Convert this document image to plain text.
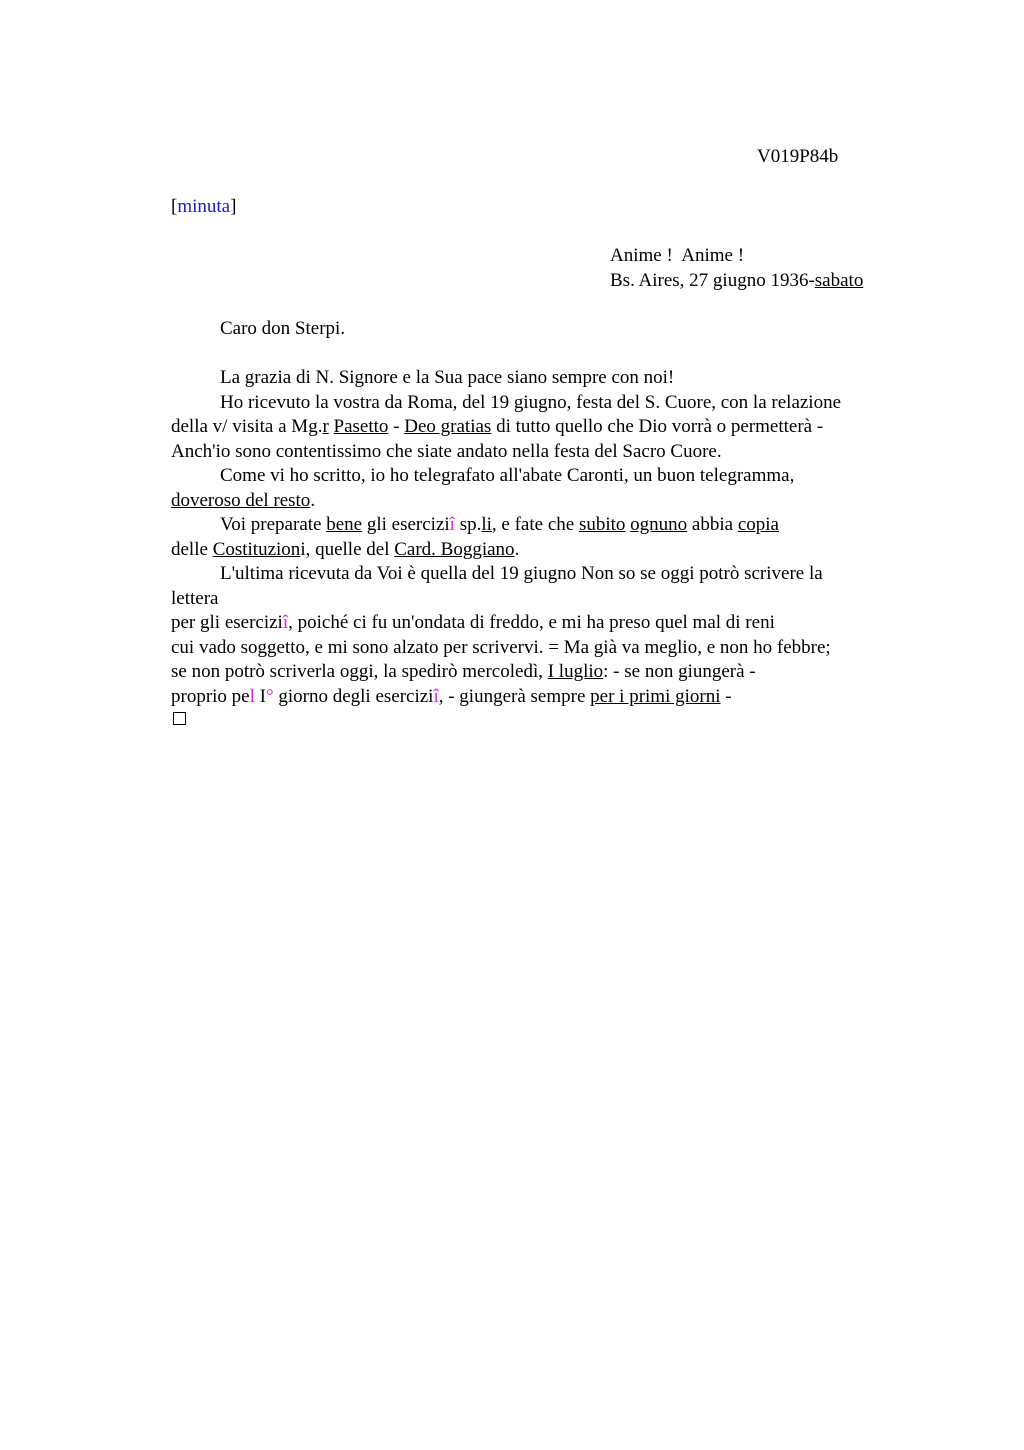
V019P84b
[minuta]
Anime !  Anime !
Bs. Aires, 27 giugno 1936-sabato
Caro don Sterpi.
La grazia di N. Signore e la Sua pace siano sempre con noi!
Ho ricevuto la vostra da Roma, del 19 giugno, festa del S. Cuore, con la relazione
della v/ visita a Mg.r Pasetto - Deo gratias di tutto quello che Dio vorrà o permetterà -
Anch'io sono contentissimo che siate andato nella festa del Sacro Cuore.
Come vi ho scritto, io ho telegrafato all'abate Caronti, un buon telegramma,
doveroso del resto.
Voi preparate bene gli eserciziî sp.li, e fate che subito ognuno abbia copia
delle Costituzioni, quelle del Card. Boggiano.
L'ultima ricevuta da Voi è quella del 19 giugno Non so se oggi potrò scrivere la
lettera
per gli eserciziî, poiché ci fu un'ondata di freddo, e mi ha preso quel mal di reni
cui vado soggetto, e mi sono alzato per scrivervi. = Ma già va meglio, e non ho febbre;
se non potrò scriverla oggi, la spedirò mercoledì, I luglio: - se non giungerà -
proprio pel I° giorno degli eserciziî, - giungerà sempre per i primi giorni -
